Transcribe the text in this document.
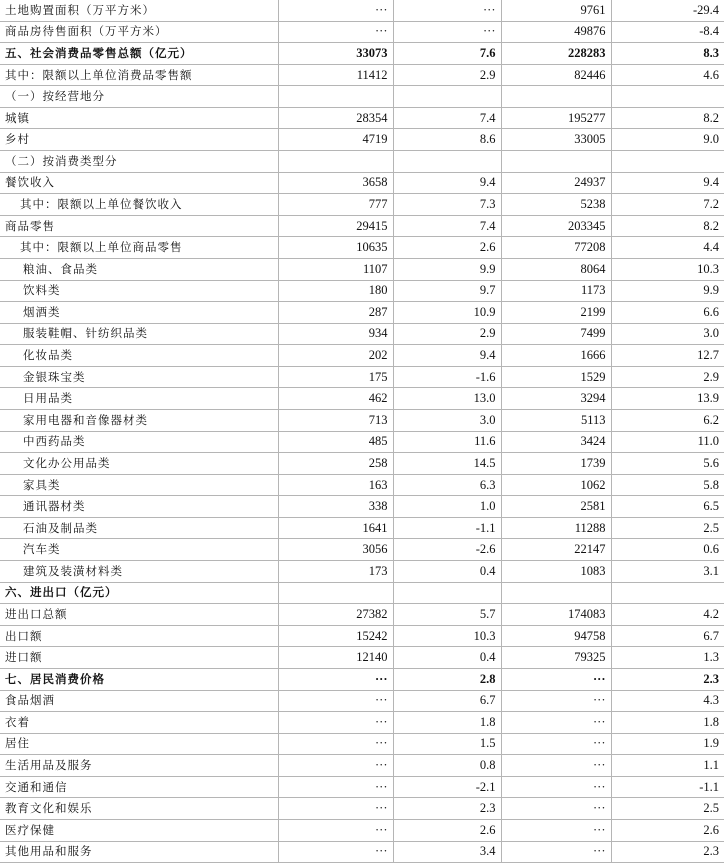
土地购置面积（万平方米）	···	···	9761	-29.4
商品房待售面积（万平方米）	···	···	49876	-8.4
五、社会消费品零售总额（亿元）	33073	7.6	228283	8.3
其中：限额以上单位消费品零售额	11412	2.9	82446	4.6
（一）按经营地分				
城镇	28354	7.4	195277	8.2
乡村	4719	8.6	33005	9.0
（二）按消费类型分				
餐饮收入	3658	9.4	24937	9.4
其中：限额以上单位餐饮收入	777	7.3	5238	7.2
商品零售	29415	7.4	203345	8.2
其中：限额以上单位商品零售	10635	2.6	77208	4.4
粮油、食品类	1107	9.9	8064	10.3
饮料类	180	9.7	1173	9.9
烟酒类	287	10.9	2199	6.6
服装鞋帽、针纺织品类	934	2.9	7499	3.0
化妆品类	202	9.4	1666	12.7
金银珠宝类	175	-1.6	1529	2.9
日用品类	462	13.0	3294	13.9
家用电器和音像器材类	713	3.0	5113	6.2
中西药品类	485	11.6	3424	11.0
文化办公用品类	258	14.5	1739	5.6
家具类	163	6.3	1062	5.8
通讯器材类	338	1.0	2581	6.5
石油及制品类	1641	-1.1	11288	2.5
汽车类	3056	-2.6	22147	0.6
建筑及装潢材料类	173	0.4	1083	3.1
六、进出口（亿元）				
进出口总额	27382	5.7	174083	4.2
出口额	15242	10.3	94758	6.7
进口额	12140	0.4	79325	1.3
七、居民消费价格	···	2.8	···	2.3
食品烟酒	···	6.7	···	4.3
衣着	···	1.8	···	1.8
居住	···	1.5	···	1.9
生活用品及服务	···	0.8	···	1.1
交通和通信	···	-2.1	···	-1.1
教育文化和娱乐	···	2.3	···	2.5
医疗保健	···	2.6	···	2.6
其他用品和服务	···	3.4	···	2.3
